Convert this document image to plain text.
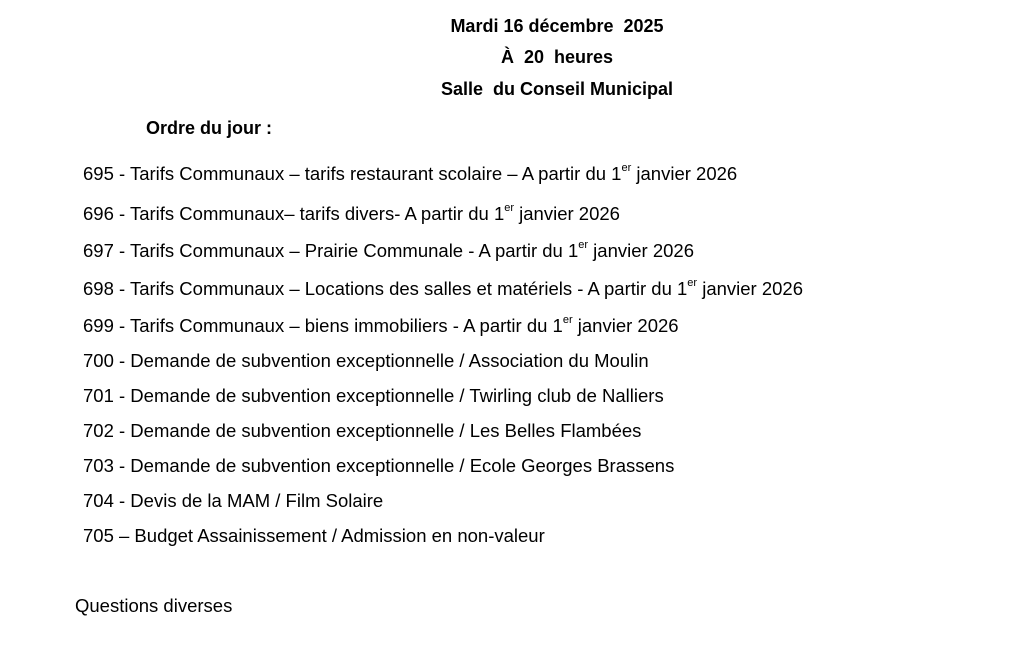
Mardi 16 décembre  2025
À  20  heures
Salle  du Conseil Municipal
Ordre du jour :
695 - Tarifs Communaux – tarifs restaurant scolaire – A partir du 1er janvier 2026
696 - Tarifs Communaux– tarifs divers- A partir du 1er janvier 2026
697 - Tarifs Communaux – Prairie Communale - A partir du 1er janvier 2026
698 - Tarifs Communaux – Locations des salles et matériels - A partir du 1er janvier 2026
699 - Tarifs Communaux – biens immobiliers - A partir du 1er janvier 2026
700 - Demande de subvention exceptionnelle / Association du Moulin
701 - Demande de subvention exceptionnelle / Twirling club de Nalliers
702 - Demande de subvention exceptionnelle / Les Belles Flambées
703 - Demande de subvention exceptionnelle / Ecole Georges Brassens
704 - Devis de la MAM / Film Solaire
705 – Budget Assainissement / Admission en non-valeur
Questions diverses
